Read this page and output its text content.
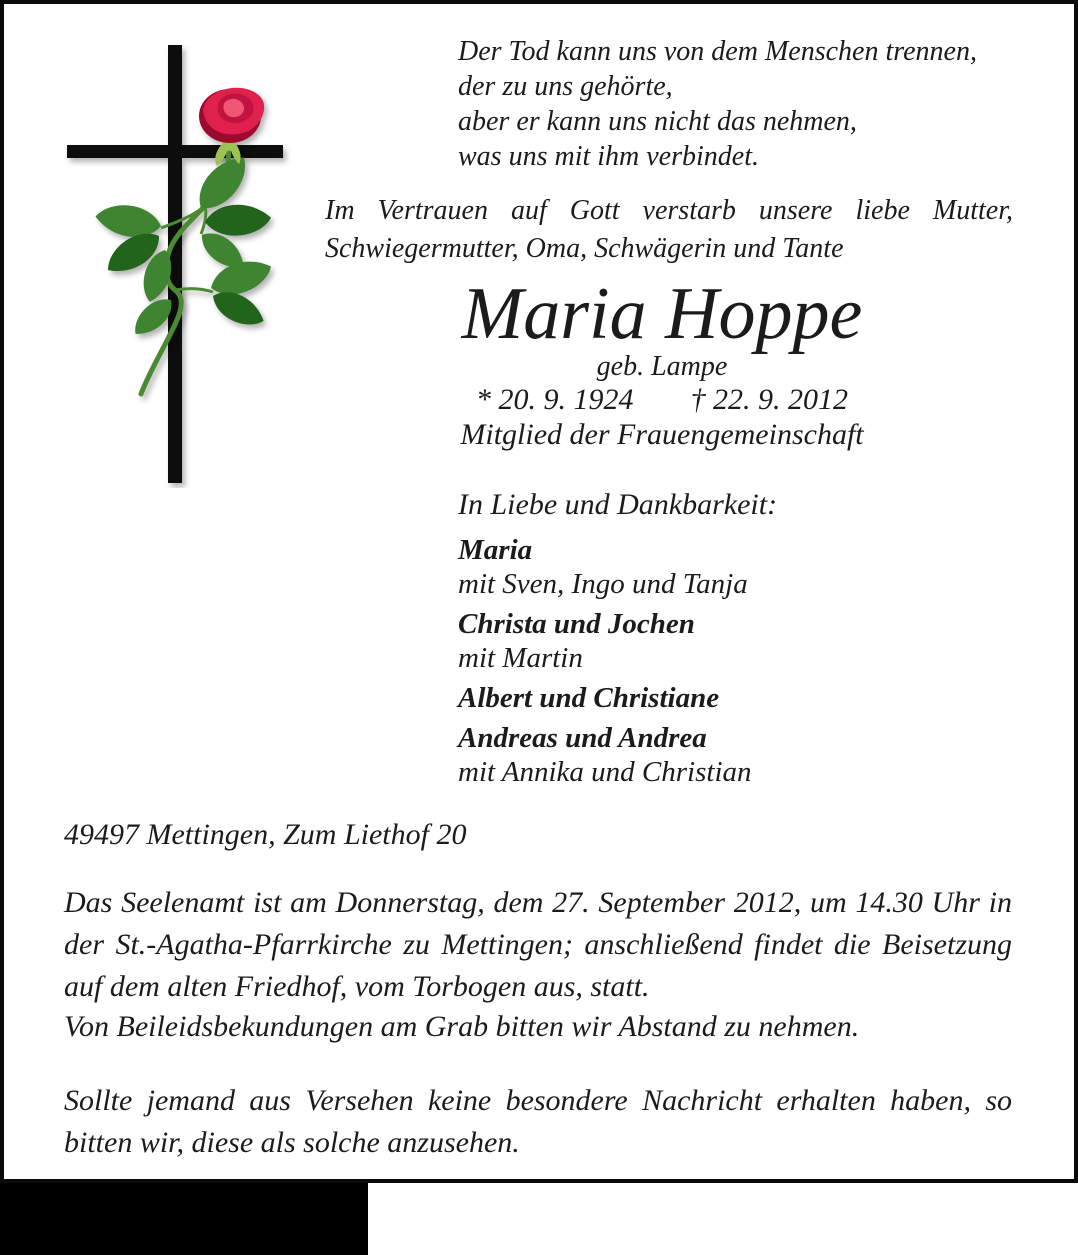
Der Tod kann uns von dem Menschen trennen,
der zu uns gehörte,
aber er kann uns nicht das nehmen,
was uns mit ihm verbindet.
Im Vertrauen auf Gott verstarb unsere liebe Mutter, Schwiegermutter, Oma, Schwägerin und Tante
Maria Hoppe
geb. Lampe
* 20. 9. 1924 † 22. 9. 2012
Mitglied der Frauengemeinschaft
In Liebe und Dankbarkeit:
Maria
mit Sven, Ingo und Tanja
Christa und Jochen
mit Martin
Albert und Christiane
Andreas und Andrea
mit Annika und Christian
49497 Mettingen, Zum Liethof 20
Das Seelenamt ist am Donnerstag, dem 27. September 2012, um 14.30 Uhr in der St.-Agatha-Pfarrkirche zu Mettingen; anschließend findet die Beisetzung auf dem alten Friedhof, vom Torbogen aus, statt.
Von Beileidsbekundungen am Grab bitten wir Abstand zu nehmen.
Sollte jemand aus Versehen keine besondere Nachricht erhalten haben, so bitten wir, diese als solche anzusehen.
